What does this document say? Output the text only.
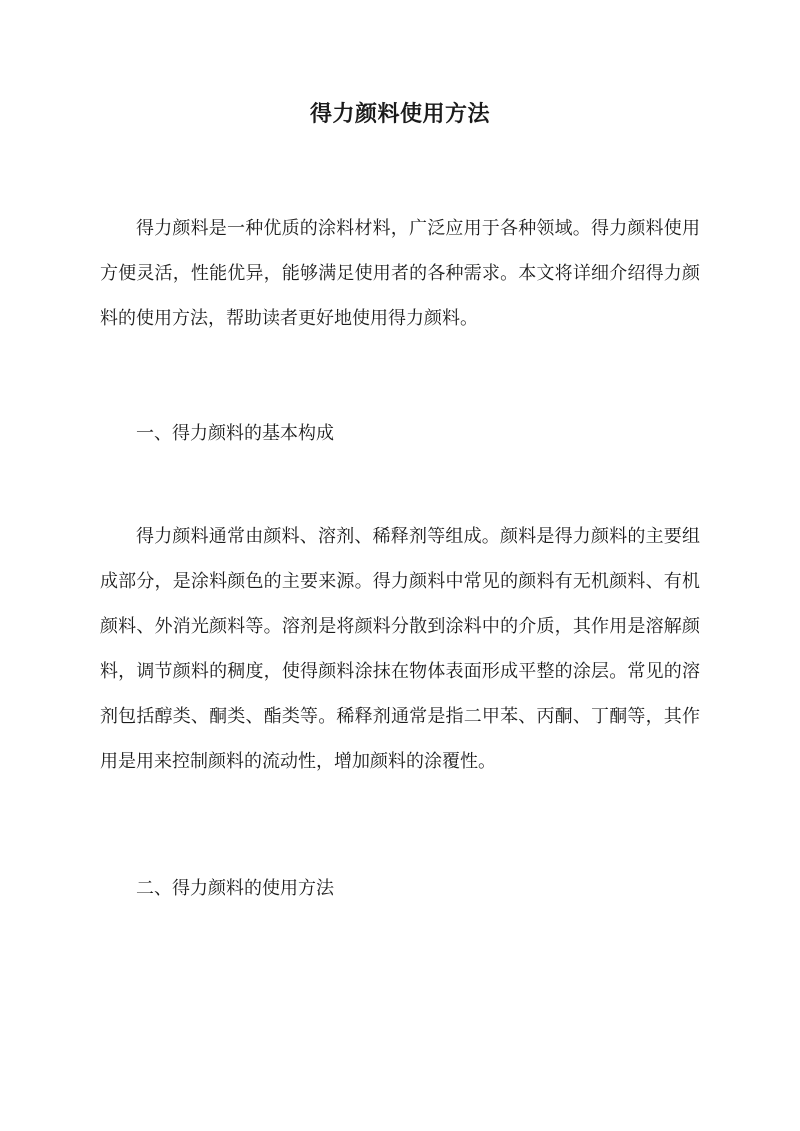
得力颜料使用方法

得力颜料是一种优质的涂料材料，广泛应用于各种领域。得力颜料使用方便灵活，性能优异，能够满足使用者的各种需求。本文将详细介绍得力颜料的使用方法，帮助读者更好地使用得力颜料。

一、得力颜料的基本构成

得力颜料通常由颜料、溶剂、稀释剂等组成。颜料是得力颜料的主要组成部分，是涂料颜色的主要来源。得力颜料中常见的颜料有无机颜料、有机颜料、外消光颜料等。溶剂是将颜料分散到涂料中的介质，其作用是溶解颜料，调节颜料的稠度，使得颜料涂抹在物体表面形成平整的涂层。常见的溶剂包括醇类、酮类、酯类等。稀释剂通常是指二甲苯、丙酮、丁酮等，其作用是用来控制颜料的流动性，增加颜料的涂覆性。

二、得力颜料的使用方法
